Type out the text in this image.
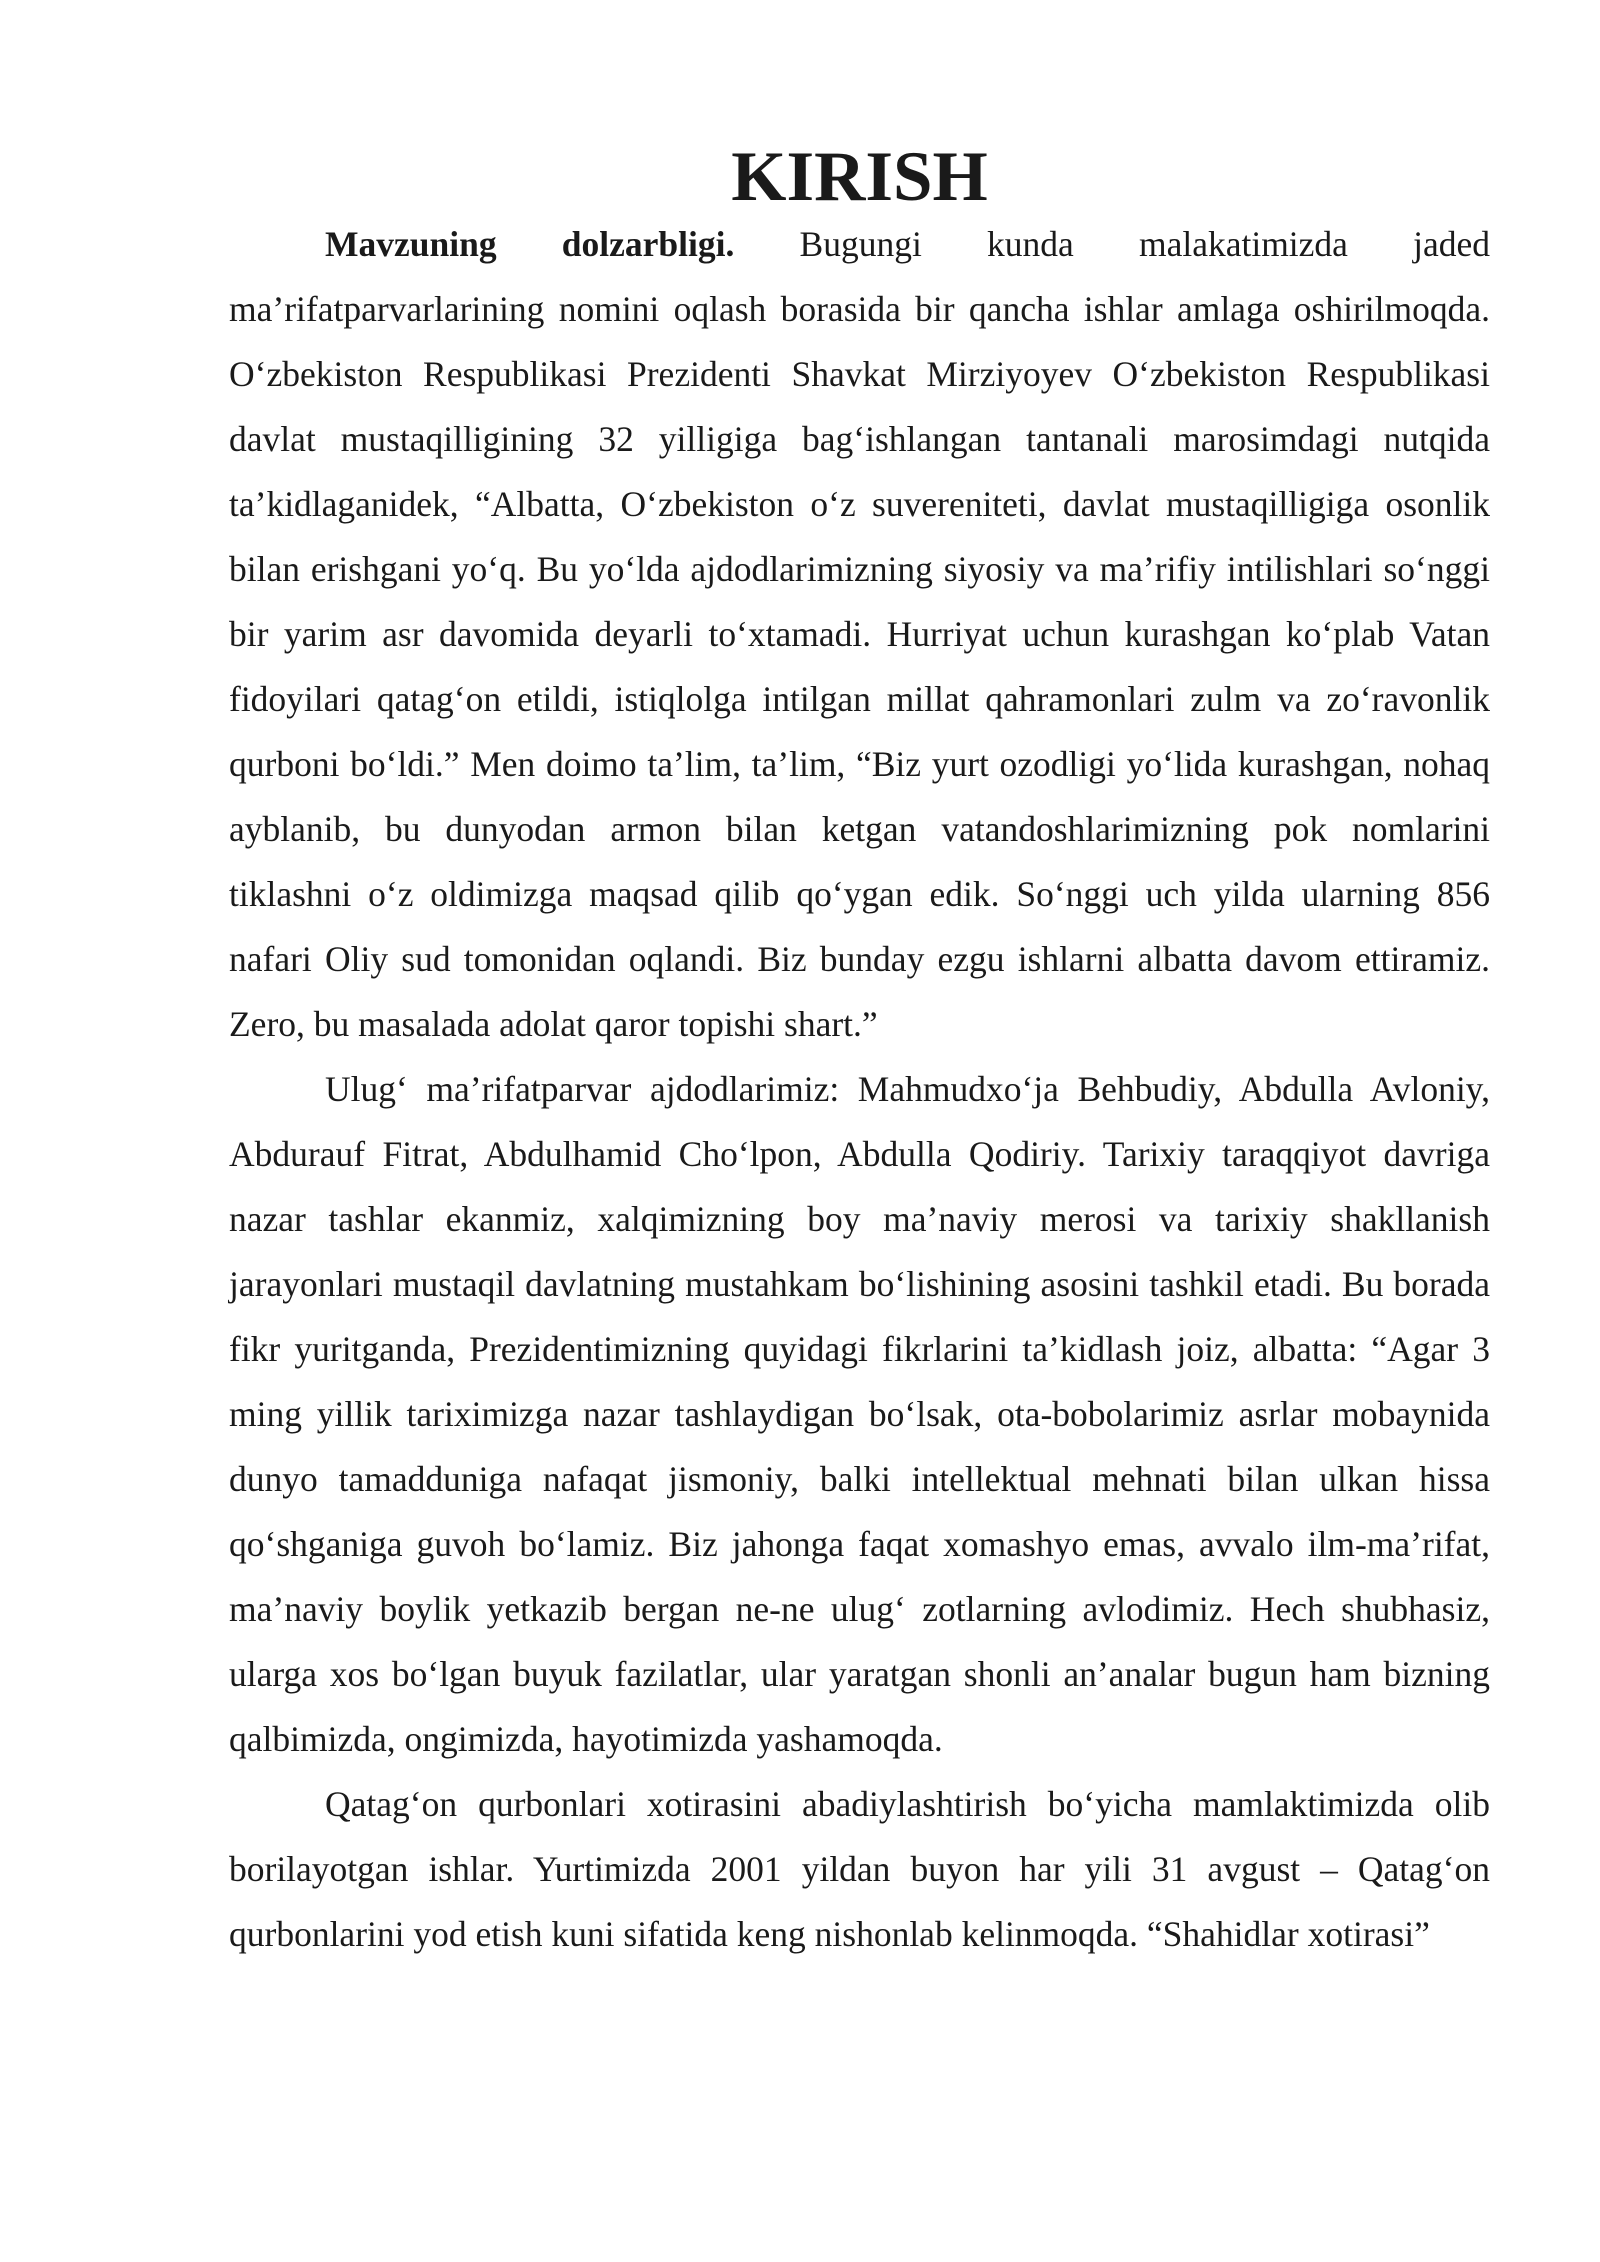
KIRISH

Mavzuning dolzarbligi. Bugungi kunda malakatimizda jaded ma’rifatparvarlarining nomini oqlash borasida bir qancha ishlar amlaga oshirilmoqda. O‘zbekiston Respublikasi Prezidenti Shavkat Mirziyoyev O‘zbekiston Respublikasi davlat mustaqilligining 32 yilligiga bag‘ishlangan tantanali marosimdagi nutqida ta’kidlaganidek, “Albatta, O‘zbekiston o‘z suvereniteti, davlat mustaqilligiga osonlik bilan erishgani yo‘q. Bu yo‘lda ajdodlarimizning siyosiy va ma’rifiy intilishlari so‘nggi bir yarim asr davomida deyarli to‘xtamadi. Hurriyat uchun kurashgan ko‘plab Vatan fidoyilari qatag‘on etildi, istiqlolga intilgan millat qahramonlari zulm va zo‘ravonlik qurboni bo‘ldi.” Men doimo ta’lim, ta’lim, “Biz yurt ozodligi yo‘lida kurashgan, nohaq ayblanib, bu dunyodan armon bilan ketgan vatandoshlarimizning pok nomlarini tiklashni o‘z oldimizga maqsad qilib qo‘ygan edik. So‘nggi uch yilda ularning 856 nafari Oliy sud tomonidan oqlandi. Biz bunday ezgu ishlarni albatta davom ettiramiz. Zero, bu masalada adolat qaror topishi shart.”

Ulug‘ ma’rifatparvar ajdodlarimiz: Mahmudxo‘ja Behbudiy, Abdulla Avloniy, Abdurauf Fitrat, Abdulhamid Cho‘lpon, Abdulla Qodiriy. Tarixiy taraqqiyot davriga nazar tashlar ekanmiz, xalqimizning boy ma’naviy merosi va tarixiy shakllanish jarayonlari mustaqil davlatning mustahkam bo‘lishining asosini tashkil etadi. Bu borada fikr yuritganda, Prezidentimizning quyidagi fikrlarini ta’kidlash joiz, albatta: “Agar 3 ming yillik tariximizga nazar tashlaydigan bo‘lsak, ota-bobolarimiz asrlar mobaynida dunyo tamadduniga nafaqat jismoniy, balki intellektual mehnati bilan ulkan hissa qo‘shganiga guvoh bo‘lamiz. Biz jahonga faqat xomashyo emas, avvalo ilm-ma’rifat, ma’naviy boylik yetkazib bergan ne-ne ulug‘ zotlarning avlodimiz. Hech shubhasiz, ularga xos bo‘lgan buyuk fazilatlar, ular yaratgan shonli an’analar bugun ham bizning qalbimizda, ongimizda, hayotimizda yashamoqda.

Qatag‘on qurbonlari xotirasini abadiylashtirish bo‘yicha mamlaktimizda olib borilayotgan ishlar. Yurtimizda 2001 yildan buyon har yili 31 avgust – Qatag‘on qurbonlarini yod etish kuni sifatida keng nishonlab kelinmoqda. “Shahidlar xotirasi”
